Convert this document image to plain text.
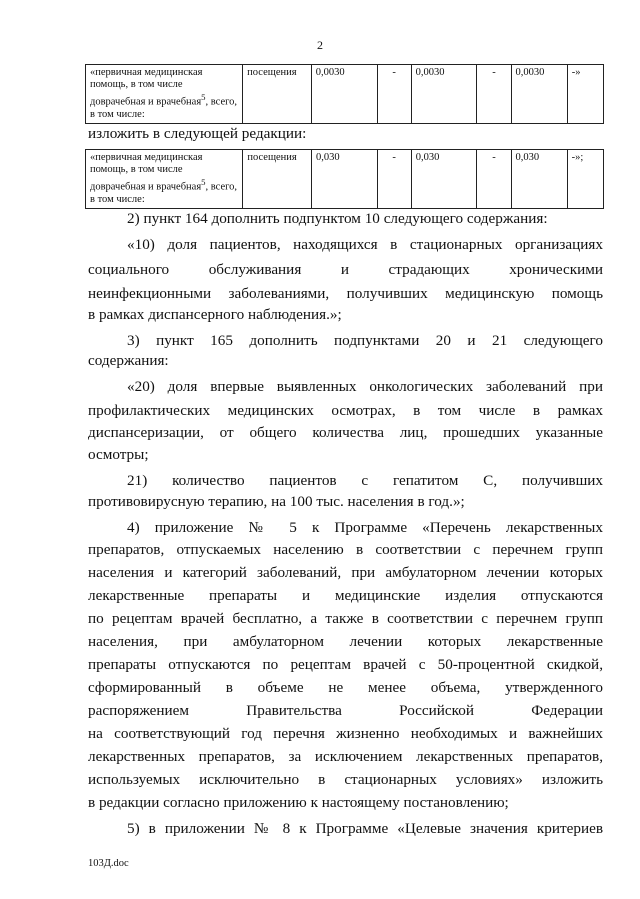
2
«первичная медицинская помощь, в том числе доврачебная и врачебная$^5$, всего, в том числе:	посещения	0,0030	-	0,0030	-	0,0030	-»
изложить в следующей редакции:
«первичная медицинская помощь, в том числе доврачебная и врачебная$^5$, всего, в том числе:	посещения	0,030	-	0,030	-	0,030	-»;
2) пункт 164 дополнить подпунктом 10 следующего содержания:
«10) доля пациентов, находящихся в стационарных организациях
социального обслуживания и страдающих хроническими
неинфекционными заболеваниями, получивших медицинскую помощь
в рамках диспансерного наблюдения.»;
3) пункт 165 дополнить подпунктами 20 и 21 следующего
содержания:
«20) доля впервые выявленных онкологических заболеваний при
профилактических медицинских осмотрах, в том числе в рамках
диспансеризации, от общего количества лиц, прошедших указанные
осмотры;
21) количество пациентов с гепатитом С, получивших
противовирусную терапию, на 100 тыс. населения в год.»;
4) приложение № 5 к Программе «Перечень лекарственных
препаратов, отпускаемых населению в соответствии с перечнем групп
населения и категорий заболеваний, при амбулаторном лечении которых
лекарственные препараты и медицинские изделия отпускаются
по рецептам врачей бесплатно, а также в соответствии с перечнем групп
населения, при амбулаторном лечении которых лекарственные
препараты отпускаются по рецептам врачей с 50-процентной скидкой,
сформированный в объеме не менее объема, утвержденного
распоряжением Правительства Российской Федерации
на соответствующий год перечня жизненно необходимых и важнейших
лекарственных препаратов, за исключением лекарственных препаратов,
используемых исключительно в стационарных условиях» изложить
в редакции согласно приложению к настоящему постановлению;
5) в приложении № 8 к Программе «Целевые значения критериев
103Д.doc
